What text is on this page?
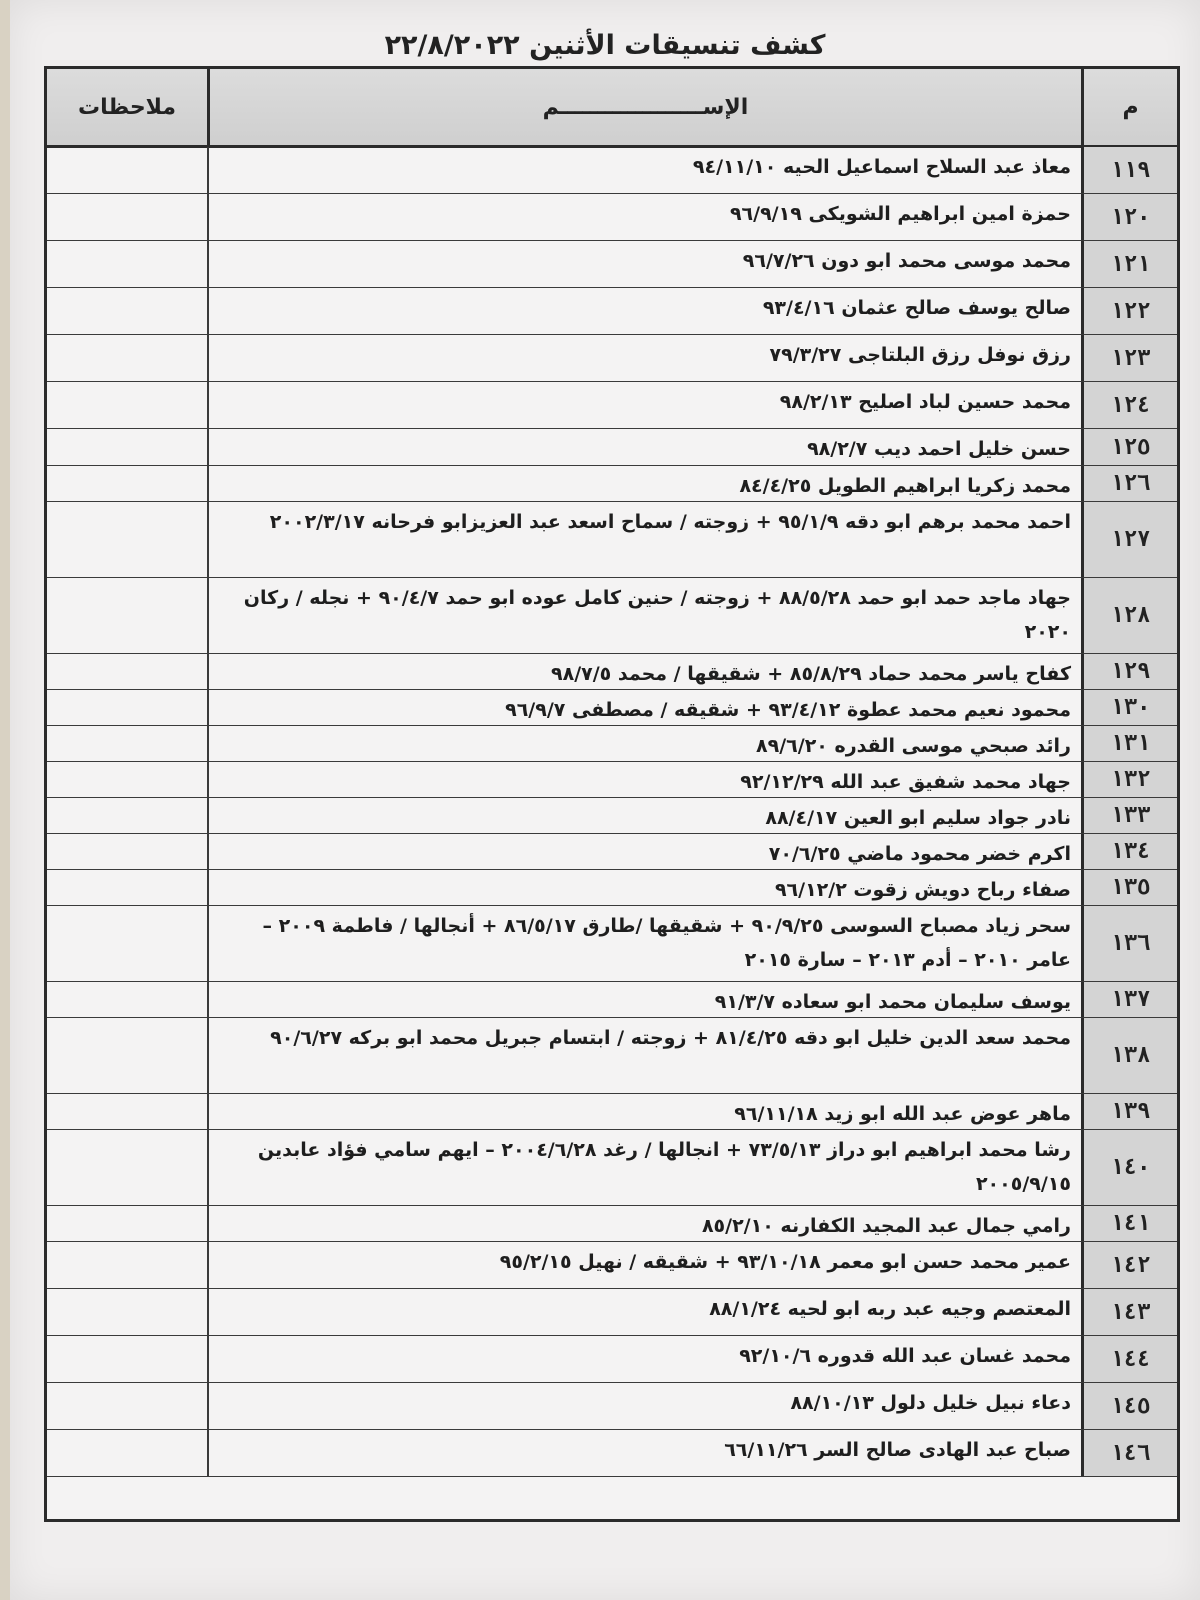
كشف تنسيقات الأثنين ٢٢/٨/٢٠٢٢
م
الإســـــــــــــــــــم
ملاحظات
١١٩
معاذ عبد السلاح اسماعيل الحيه ٩٤/١١/١٠
١٢٠
حمزة امين ابراهيم الشويكى ٩٦/٩/١٩
١٢١
محمد موسى محمد ابو دون ٩٦/٧/٢٦
١٢٢
صالح يوسف صالح عثمان ٩٣/٤/١٦
١٢٣
رزق نوفل رزق البلتاجى ٧٩/٣/٢٧
١٢٤
محمد حسين لباد اصليح ٩٨/٢/١٣
١٢٥
حسن خليل احمد ديب ٩٨/٢/٧
١٢٦
محمد زكريا ابراهيم الطويل ٨٤/٤/٢٥
١٢٧
احمد محمد برهم ابو دقه ٩٥/١/٩ + زوجته / سماح اسعد عبد العزيزابو فرحانه ٢٠٠٢/٣/١٧
١٢٨
جهاد ماجد حمد ابو حمد ٨٨/٥/٢٨ + زوجته / حنين كامل عوده ابو حمد ٩٠/٤/٧ + نجله / ركان ٢٠٢٠
١٢٩
كفاح ياسر محمد حماد ٨٥/٨/٢٩ + شقيقها / محمد ٩٨/٧/٥
١٣٠
محمود نعيم محمد عطوة ٩٣/٤/١٢ + شقيقه / مصطفى ٩٦/٩/٧
١٣١
رائد صبحي موسى القدره ٨٩/٦/٢٠
١٣٢
جهاد محمد شفيق عبد الله ٩٢/١٢/٢٩
١٣٣
نادر جواد سليم ابو العين ٨٨/٤/١٧
١٣٤
اكرم خضر محمود ماضي ٧٠/٦/٢٥
١٣٥
صفاء رباح دويش زقوت ٩٦/١٢/٢
١٣٦
سحر زياد مصباح السوسى ٩٠/٩/٢٥ + شقيقها /طارق ٨٦/٥/١٧ + أنجالها / فاطمة ٢٠٠٩ – عامر ٢٠١٠ – أدم ٢٠١٣ – سارة ٢٠١٥
١٣٧
يوسف سليمان محمد ابو سعاده ٩١/٣/٧
١٣٨
محمد سعد الدين خليل ابو دقه ٨١/٤/٢٥ + زوجته / ابتسام جبريل محمد ابو بركه ٩٠/٦/٢٧
١٣٩
ماهر عوض عبد الله ابو زيد ٩٦/١١/١٨
١٤٠
رشا محمد ابراهيم ابو دراز ٧٣/٥/١٣ + انجالها / رغد ٢٠٠٤/٦/٢٨ – ايهم سامي فؤاد عابدين ٢٠٠٥/٩/١٥
١٤١
رامي جمال عبد المجيد الكفارنه ٨٥/٢/١٠
١٤٢
عمير محمد حسن ابو معمر ٩٣/١٠/١٨ + شقيقه / نهيل ٩٥/٢/١٥
١٤٣
المعتصم وجيه عبد ربه ابو لحيه ٨٨/١/٢٤
١٤٤
محمد غسان عبد الله قدوره ٩٢/١٠/٦
١٤٥
دعاء نبيل خليل دلول ٨٨/١٠/١٣
١٤٦
صباح عبد الهادى صالح السر ٦٦/١١/٢٦
